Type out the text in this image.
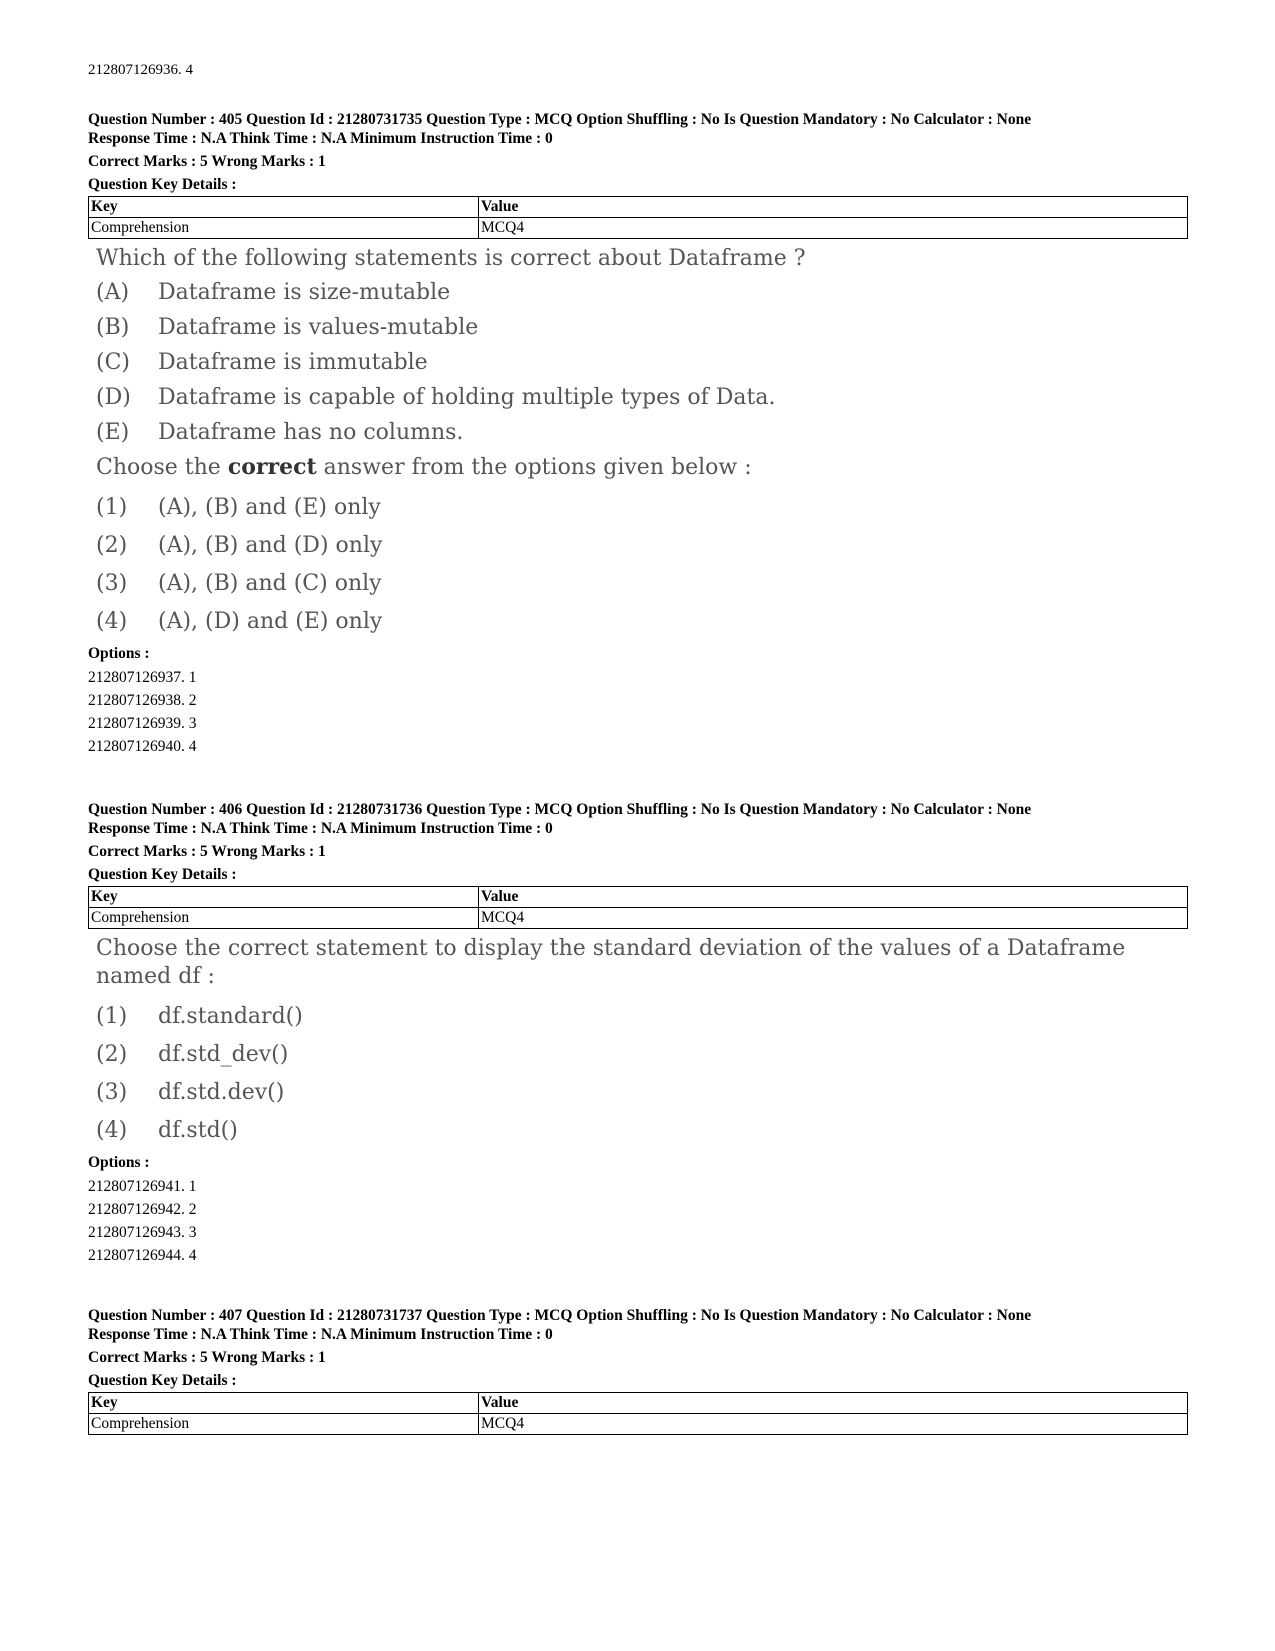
212807126936. 4

Question Number : 405 Question Id : 21280731735 Question Type : MCQ Option Shuffling : No Is Question Mandatory : No Calculator : None

Response Time : N.A Think Time : N.A Minimum Instruction Time : 0

Correct Marks : 5 Wrong Marks : 1

Question Key Details :

Key	Value
Comprehension	MCQ4
Which of the following statements is correct about Dataframe ?
(A)	Dataframe is size-mutable
(B)	Dataframe is values-mutable
(C)	Dataframe is immutable
(D)	Dataframe is capable of holding multiple types of Data.
(E)	Dataframe has no columns.
Choose the correct answer from the options given below :
(1)	(A), (B) and (E) only
(2)	(A), (B) and (D) only
(3)	(A), (B) and (C) only
(4)	(A), (D) and (E) only
Options :
212807126937. 1
212807126938. 2
212807126939. 3
212807126940. 4

Question Number : 406 Question Id : 21280731736 Question Type : MCQ Option Shuffling : No Is Question Mandatory : No Calculator : None

Response Time : N.A Think Time : N.A Minimum Instruction Time : 0

Correct Marks : 5 Wrong Marks : 1

Question Key Details :

Key	Value
Comprehension	MCQ4
Choose the correct statement to display the standard deviation of the values of a Dataframe named df :
(1)	df.standard()
(2)	df.std_dev()
(3)	df.std.dev()
(4)	df.std()
Options :
212807126941. 1
212807126942. 2
212807126943. 3
212807126944. 4

Question Number : 407 Question Id : 21280731737 Question Type : MCQ Option Shuffling : No Is Question Mandatory : No Calculator : None

Response Time : N.A Think Time : N.A Minimum Instruction Time : 0

Correct Marks : 5 Wrong Marks : 1

Question Key Details :

Key	Value
Comprehension	MCQ4
